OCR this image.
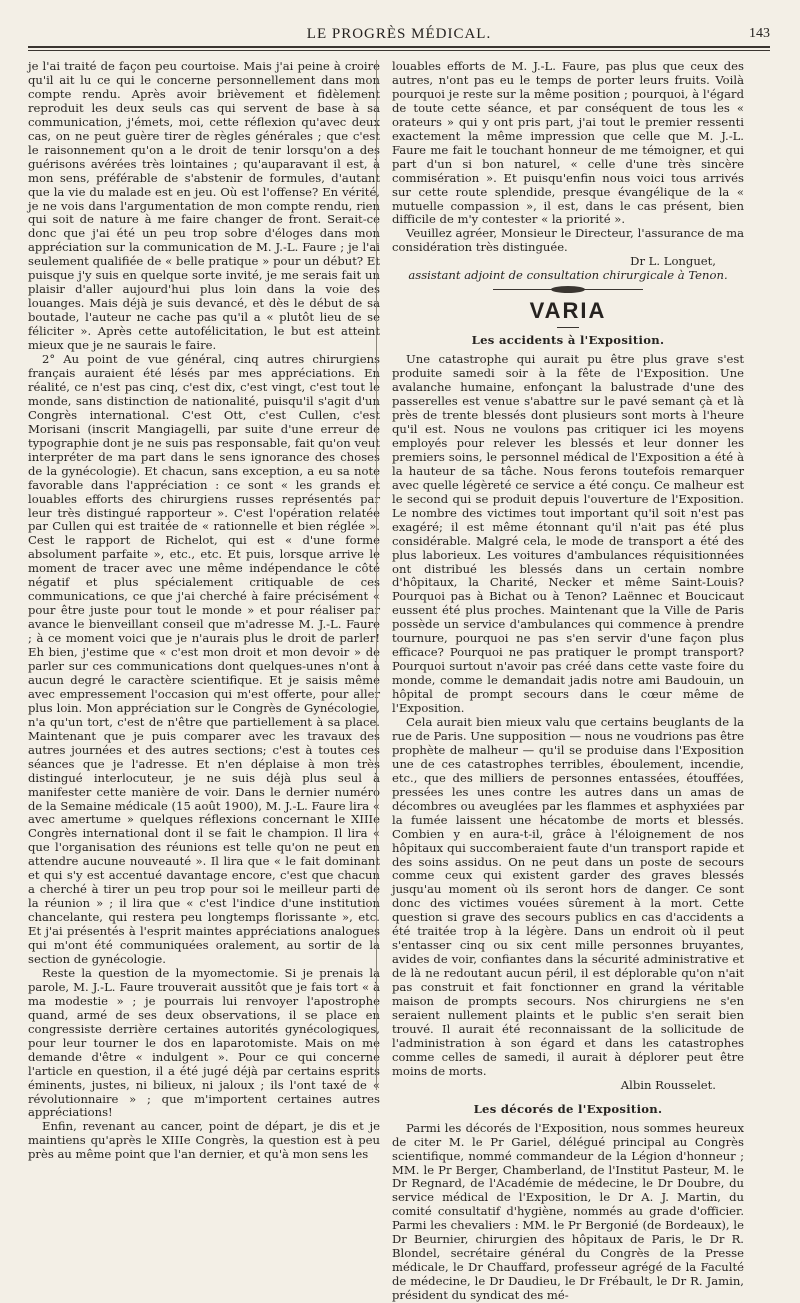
LE PROGRÈS MÉDICAL.	143

je l'ai traité de façon peu courtoise. Mais j'ai peine à croire qu'il ait lu ce qui le concerne personnellement dans mon compte rendu. Après avoir brièvement et fidèlement reproduit les deux seuls cas qui servent de base à sa communication, j'émets, moi, cette réflexion qu'avec deux cas, on ne peut guère tirer de règles générales ; que c'est le raisonnement qu'on a le droit de tenir lorsqu'on a des guérisons avérées très lointaines ; qu'auparavant il est, à mon sens, préférable de s'abstenir de formules, d'autant que la vie du malade est en jeu. Où est l'offense? En vérité, je ne vois dans l'argumentation de mon compte rendu, rien qui soit de nature à me faire changer de front. Serait-ce donc que j'ai été un peu trop sobre d'éloges dans mon appréciation sur la communication de M. J.-L. Faure ; je l'ai seulement qualifiée de « belle pratique » pour un début? Et puisque j'y suis en quelque sorte invité, je me serais fait un plaisir d'aller aujourd'hui plus loin dans la voie des louanges. Mais déjà je suis devancé, et dès le début de sa boutade, l'auteur ne cache pas qu'il a « plutôt lieu de se féliciter ». Après cette autofélicitation, le but est atteint mieux que je ne saurais le faire.

2° Au point de vue général, cinq autres chirurgiens français auraient été lésés par mes appréciations. En réalité, ce n'est pas cinq, c'est dix, c'est vingt, c'est tout le monde, sans distinction de nationalité, puisqu'il s'agit d'un Congrès international. C'est Ott, c'est Cullen, c'est Morisani (inscrit Mangiagelli, par suite d'une erreur de typographie dont je ne suis pas responsable, fait qu'on veut interpréter de ma part dans le sens ignorance des choses de la gynécologie). Et chacun, sans exception, a eu sa note favorable dans l'appréciation : ce sont « les grands et louables efforts des chirurgiens russes représentés par leur très distingué rapporteur ». C'est l'opération relatée par Cullen qui est traitée de « rationnelle et bien réglée ». Cest le rapport de Richelot, qui est « d'une forme absolument parfaite », etc., etc. Et puis, lorsque arrive le moment de tracer avec une même indépendance le côté négatif et plus spécialement critiquable de ces communications, ce que j'ai cherché à faire précisément « pour être juste pour tout le monde » et pour réaliser par avance le bienveillant conseil que m'adresse M. J.-L. Faure ; à ce moment voici que je n'aurais plus le droit de parler! Eh bien, j'estime que « c'est mon droit et mon devoir » de parler sur ces communications dont quelques-unes n'ont à aucun degré le caractère scientifique. Et je saisis même avec empressement l'occasion qui m'est offerte, pour aller plus loin. Mon appréciation sur le Congrès de Gynécologie, n'a qu'un tort, c'est de n'être que partiellement à sa place. Maintenant que je puis comparer avec les travaux des autres journées et des autres sections; c'est à toutes ces séances que je l'adresse. Et n'en déplaise à mon très distingué interlocuteur, je ne suis déjà plus seul à manifester cette manière de voir. Dans le dernier numéro de la Semaine médicale (15 août 1900), M. J.-L. Faure lira « avec amertume » quelques réflexions concernant le XIIIe Congrès international dont il se fait le champion. Il lira « que l'organisation des réunions est telle qu'on ne peut en attendre aucune nouveauté ». Il lira que « le fait dominant et qui s'y est accentué davantage encore, c'est que chacun a cherché à tirer un peu trop pour soi le meilleur parti de la réunion » ; il lira que « c'est l'indice d'une institution chancelante, qui restera peu longtemps florissante », etc. Et j'ai présentés à l'esprit maintes appréciations analogues qui m'ont été communiquées oralement, au sortir de la section de gynécologie.

Reste la question de la myomectomie. Si je prenais la parole, M. J.-L. Faure trouverait aussitôt que je fais tort « à ma modestie » ; je pourrais lui renvoyer l'apostrophe quand, armé de ses deux observations, il se place en congressiste derrière certaines autorités gynécologiques, pour leur tourner le dos en laparotomiste. Mais on me demande d'être « indulgent ». Pour ce qui concerne l'article en question, il a été jugé déjà par certains esprits éminents, justes, ni bilieux, ni jaloux ; ils l'ont taxé de « révolutionnaire » ; que m'importent certaines autres appréciations!

Enfin, revenant au cancer, point de départ, je dis et je maintiens qu'après le XIIIe Congrès, la question est à peu près au même point que l'an dernier, et qu'à mon sens les

louables efforts de M. J.-L. Faure, pas plus que ceux des autres, n'ont pas eu le temps de porter leurs fruits. Voilà pourquoi je reste sur la même position ; pourquoi, à l'égard de toute cette séance, et par conséquent de tous les « orateurs » qui y ont pris part, j'ai tout le premier ressenti exactement la même impression que celle que M. J.-L. Faure me fait le touchant honneur de me témoigner, et qui part d'un si bon naturel, « celle d'une très sincère commisération ». Et puisqu'enfin nous voici tous arrivés sur cette route splendide, presque évangélique de la « mutuelle compassion », il est, dans le cas présent, bien difficile de m'y contester « la priorité ».

Veuillez agréer, Monsieur le Directeur, l'assurance de ma considération très distinguée.

Dr L. Longuet,

assistant adjoint de consultation chirurgicale à Tenon.

VARIA
Les accidents à l'Exposition.

Une catastrophe qui aurait pu être plus grave s'est produite samedi soir à la fête de l'Exposition. Une avalanche humaine, enfonçant la balustrade d'une des passerelles est venue s'abattre sur le pavé semant çà et là près de trente blessés dont plusieurs sont morts à l'heure qu'il est. Nous ne voulons pas critiquer ici les moyens employés pour relever les blessés et leur donner les premiers soins, le personnel médical de l'Exposition a été à la hauteur de sa tâche. Nous ferons toutefois remarquer avec quelle légèreté ce service a été conçu. Ce malheur est le second qui se produit depuis l'ouverture de l'Exposition. Le nombre des victimes tout important qu'il soit n'est pas exagéré; il est même étonnant qu'il n'ait pas été plus considérable. Malgré cela, le mode de transport a été des plus laborieux. Les voitures d'ambulances réquisitionnées ont distribué les blessés dans un certain nombre d'hôpitaux, la Charité, Necker et même Saint-Louis? Pourquoi pas à Bichat ou à Tenon? Laënnec et Boucicaut eussent été plus proches. Maintenant que la Ville de Paris possède un service d'ambulances qui commence à prendre tournure, pourquoi ne pas s'en servir d'une façon plus efficace? Pourquoi ne pas pratiquer le prompt transport? Pourquoi surtout n'avoir pas créé dans cette vaste foire du monde, comme le demandait jadis notre ami Baudouin, un hôpital de prompt secours dans le cœur même de l'Exposition.

Cela aurait bien mieux valu que certains beuglants de la rue de Paris. Une supposition — nous ne voudrions pas être prophète de malheur — qu'il se produise dans l'Exposition une de ces catastrophes terribles, éboulement, incendie, etc., que des milliers de personnes entassées, étouffées, pressées les unes contre les autres dans un amas de décombres ou aveuglées par les flammes et asphyxiées par la fumée laissent une hécatombe de morts et blessés. Combien y en aura-t-il, grâce à l'éloignement de nos hôpitaux qui succomberaient faute d'un transport rapide et des soins assidus. On ne peut dans un poste de secours comme ceux qui existent garder des graves blessés jusqu'au moment où ils seront hors de danger. Ce sont donc des victimes vouées sûrement à la mort. Cette question si grave des secours publics en cas d'accidents a été traitée trop à la légère. Dans un endroit où il peut s'entasser cinq ou six cent mille personnes bruyantes, avides de voir, confiantes dans la sécurité administrative et de là ne redoutant aucun péril, il est déplorable qu'on n'ait pas construit et fait fonctionner en grand la véritable maison de prompts secours. Nos chirurgiens ne s'en seraient nullement plaints et le public s'en serait bien trouvé. Il aurait été reconnaissant de la sollicitude de l'administration à son égard et dans les catastrophes comme celles de samedi, il aurait à déplorer peut être moins de morts.

Albin Rousselet.

Les décorés de l'Exposition.

Parmi les décorés de l'Exposition, nous sommes heureux de citer M. le Pr Gariel, délégué principal au Congrès scientifique, nommé commandeur de la Légion d'honneur ; MM. le Pr Berger, Chamberland, de l'Institut Pasteur, M. le Dr Regnard, de l'Académie de médecine, le Dr Doubre, du service médical de l'Exposition, le Dr A. J. Martin, du comité consultatif d'hygiène, nommés au grade d'officier. Parmi les chevaliers : MM. le Pr Bergonié (de Bordeaux), le Dr Beurnier, chirurgien des hôpitaux de Paris, le Dr R. Blondel, secrétaire général du Congrès de la Presse médicale, le Dr Chauffard, professeur agrégé de la Faculté de médecine, le Dr Daudieu, le Dr Frébault, le Dr R. Jamin, président du syndicat des mé-
